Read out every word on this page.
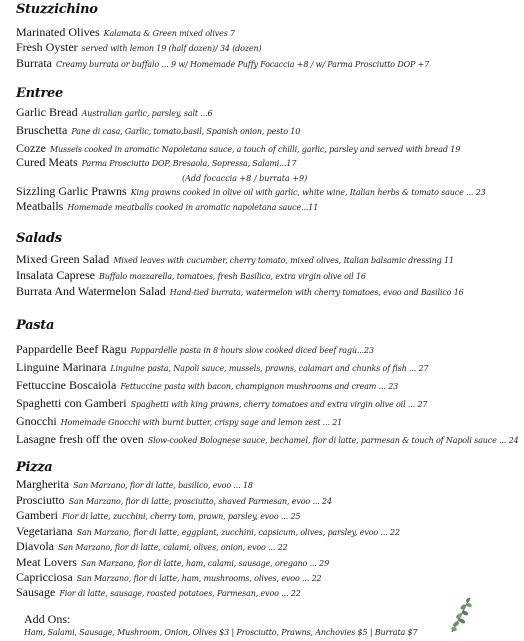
Stuzzichino
Marinated Olives Kalamata & Green mixed olives 7
Fresh Oyster served with lemon 19 (half dozen)/ 34 (dozen)
Burrata Creamy burrata or buffalo ... 9 w/ Homemade Puffy Focaccia +8 / w/ Parma Prosciutto DOP +7
Entree
Garlic Bread Australian garlic, parsley, salt ...6
Bruschetta Pane di casa, Garlic, tomato,basil, Spanish onion, pesto 10
Cozze Mussels cooked in aromatic Napoletana sauce, a touch of chilli, garlic, parsley and served with bread 19
Cured Meats Parma Prosciutto DOP, Bresaola, Sopressa, Salami...17
(Add focaccia +8 / burrata +9)
Sizzling Garlic Prawns King prawns cooked in olive oil with garlic, white wine, Italian herbs & tomato sauce ... 23
Meatballs Homemade meatballs cooked in aromatic napoletana sauce...11
Salads
Mixed Green Salad Mixed leaves with cucumber, cherry tomato, mixed olives, Italian balsamic dressing 11
Insalata Caprese Buffalo mozzarella, tomatoes, fresh Basilico, extra virgin olive oil 16
Burrata And Watermelon Salad Hand-tied burrata, watermelon with cherry tomatoes, evoo and Basilico 16
Pasta
Pappardelle Beef Ragu Pappardelle pasta in 8 hours slow cooked diced beef ragù...23
Linguine Marinara Linguine pasta, Napoli sauce, mussels, prawns, calamari and chunks of fish ... 27
Fettuccine Boscaiola Fettuccine pasta with bacon, champignon mushrooms and cream ... 23
Spaghetti con Gamberi Spaghetti with king prawns, cherry tomatoes and extra virgin olive oil ... 27
Gnocchi Homemade Gnocchi with burnt butter, crispy sage and lemon zest ... 21
Lasagne fresh off the oven Slow-cooked Bolognese sauce, bechamel, fior di latte, parmesan & touch of Napoli sauce ... 24
Pizza
Margherita San Marzano, fior di latte, basilico, evoo ... 18
Prosciutto San Marzano, fior di latte, prosciutto, shaved Parmesan, evoo ... 24
Gamberi Fior di latte, zucchini, cherry tom, prawn, parsley, evoo ... 25
Vegetariana San Marzano, fior di latte, eggplant, zucchini, capsicum, olives, parsley, evoo ... 22
Diavola San Marzano, fior di latte, calami, olives, onion, evoo ... 22
Meat Lovers San Marzano, fior di latte, ham, calami, sausage, oregano ... 29
Capricciosa San Marzano, fior di latte, ham, mushrooms, olives, evoo ... 22
Sausage Fior di latte, sausage, roasted potatoes, Parmesan, evoo ... 22
Add Ons:
Ham, Salami, Sausage, Mushroom, Onion, Olives $3 | Prosciutto, Prawns, Anchovies $5 | Burrata $7
